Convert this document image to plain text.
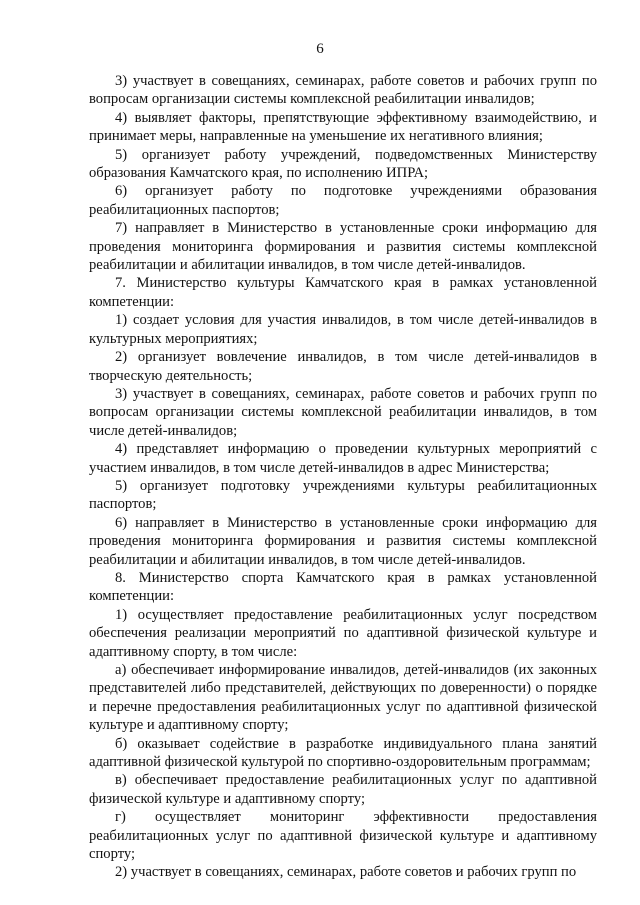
6

3) участвует в совещаниях, семинарах, работе советов и рабочих групп по вопросам организации системы комплексной реабилитации инвалидов;

4) выявляет факторы, препятствующие эффективному взаимодействию, и принимает меры, направленные на уменьшение их негативного влияния;

5) организует работу учреждений, подведомственных Министерству образования Камчатского края, по исполнению ИПРА;

6) организует работу по подготовке учреждениями образования реабилитационных паспортов;

7) направляет в Министерство в установленные сроки информацию для проведения мониторинга формирования и развития системы комплексной реабилитации и абилитации инвалидов, в том числе детей-инвалидов.

7. Министерство культуры Камчатского края в рамках установленной компетенции:

1) создает условия для участия инвалидов, в том числе детей-инвалидов в культурных мероприятиях;

2) организует вовлечение инвалидов, в том числе детей-инвалидов в творческую деятельность;

3) участвует в совещаниях, семинарах, работе советов и рабочих групп по вопросам организации системы комплексной реабилитации инвалидов, в том числе детей-инвалидов;

4) представляет информацию о проведении культурных мероприятий с участием инвалидов, в том числе детей-инвалидов в адрес Министерства;

5) организует подготовку учреждениями культуры реабилитационных паспортов;

6) направляет в Министерство в установленные сроки информацию для проведения мониторинга формирования и развития системы комплексной реабилитации и абилитации инвалидов, в том числе детей-инвалидов.

8. Министерство спорта Камчатского края в рамках установленной компетенции:

1) осуществляет предоставление реабилитационных услуг посредством обеспечения реализации мероприятий по адаптивной физической культуре и адаптивному спорту, в том числе:

а) обеспечивает информирование инвалидов, детей-инвалидов (их законных представителей либо представителей, действующих по доверенности) о порядке и перечне предоставления реабилитационных услуг по адаптивной физической культуре и адаптивному спорту;

б) оказывает содействие в разработке индивидуального плана занятий адаптивной физической культурой по спортивно-оздоровительным программам;

в) обеспечивает предоставление реабилитационных услуг по адаптивной физической культуре и адаптивному спорту;

г) осуществляет мониторинг эффективности предоставления реабилитационных услуг по адаптивной физической культуре и адаптивному спорту;

2) участвует в совещаниях, семинарах, работе советов и рабочих групп по
